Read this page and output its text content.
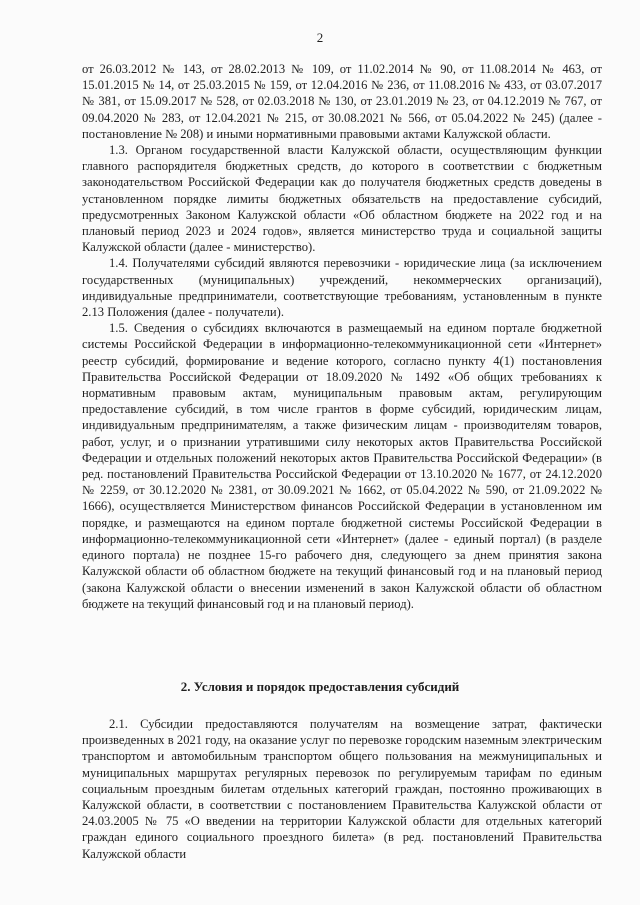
2

от 26.03.2012 № 143, от 28.02.2013 № 109, от 11.02.2014 № 90, от 11.08.2014 № 463, от 15.01.2015 № 14, от 25.03.2015 № 159, от 12.04.2016 № 236, от 11.08.2016 № 433, от 03.07.2017 № 381, от 15.09.2017 № 528, от 02.03.2018 № 130, от 23.01.2019 № 23, от 04.12.2019 № 767, от 09.04.2020 № 283, от 12.04.2021 № 215, от 30.08.2021 № 566, от 05.04.2022 № 245) (далее - постановление № 208) и иными нормативными правовыми актами Калужской области.

1.3. Органом государственной власти Калужской области, осуществляющим функции главного распорядителя бюджетных средств, до которого в соответствии с бюджетным законодательством Российской Федерации как до получателя бюджетных средств доведены в установленном порядке лимиты бюджетных обязательств на предоставление субсидий, предусмотренных Законом Калужской области «Об областном бюджете на 2022 год и на плановый период 2023 и 2024 годов», является министерство труда и социальной защиты Калужской области (далее - министерство).

1.4. Получателями субсидий являются перевозчики - юридические лица (за исключением государственных (муниципальных) учреждений, некоммерческих организаций), индивидуальные предприниматели, соответствующие требованиям, установленным в пункте 2.13 Положения (далее - получатели).

1.5. Сведения о субсидиях включаются в размещаемый на едином портале бюджетной системы Российской Федерации в информационно-телекоммуникационной сети «Интернет» реестр субсидий, формирование и ведение которого, согласно пункту 4(1) постановления Правительства Российской Федерации от 18.09.2020 № 1492 «Об общих требованиях к нормативным правовым актам, муниципальным правовым актам, регулирующим предоставление субсидий, в том числе грантов в форме субсидий, юридическим лицам, индивидуальным предпринимателям, а также физическим лицам - производителям товаров, работ, услуг, и о признании утратившими силу некоторых актов Правительства Российской Федерации и отдельных положений некоторых актов Правительства Российской Федерации» (в ред. постановлений Правительства Российской Федерации от 13.10.2020 № 1677, от 24.12.2020 № 2259, от 30.12.2020 № 2381, от 30.09.2021 № 1662, от 05.04.2022 № 590, от 21.09.2022 № 1666), осуществляется Министерством финансов Российской Федерации в установленном им порядке, и размещаются на едином портале бюджетной системы Российской Федерации в информационно-телекоммуникационной сети «Интернет» (далее - единый портал) (в разделе единого портала) не позднее 15-го рабочего дня, следующего за днем принятия закона Калужской области об областном бюджете на текущий финансовый год и на плановый период (закона Калужской области о внесении изменений в закон Калужской области об областном бюджете на текущий финансовый год и на плановый период).

2. Условия и порядок предоставления субсидий

2.1. Субсидии предоставляются получателям на возмещение затрат, фактически произведенных в 2021 году, на оказание услуг по перевозке городским наземным электрическим транспортом и автомобильным транспортом общего пользования на межмуниципальных и муниципальных маршрутах регулярных перевозок по регулируемым тарифам по единым социальным проездным билетам отдельных категорий граждан, постоянно проживающих в Калужской области, в соответствии с постановлением Правительства Калужской области от 24.03.2005 № 75 «О введении на территории Калужской области для отдельных категорий граждан единого социального проездного билета» (в ред. постановлений Правительства Калужской области
